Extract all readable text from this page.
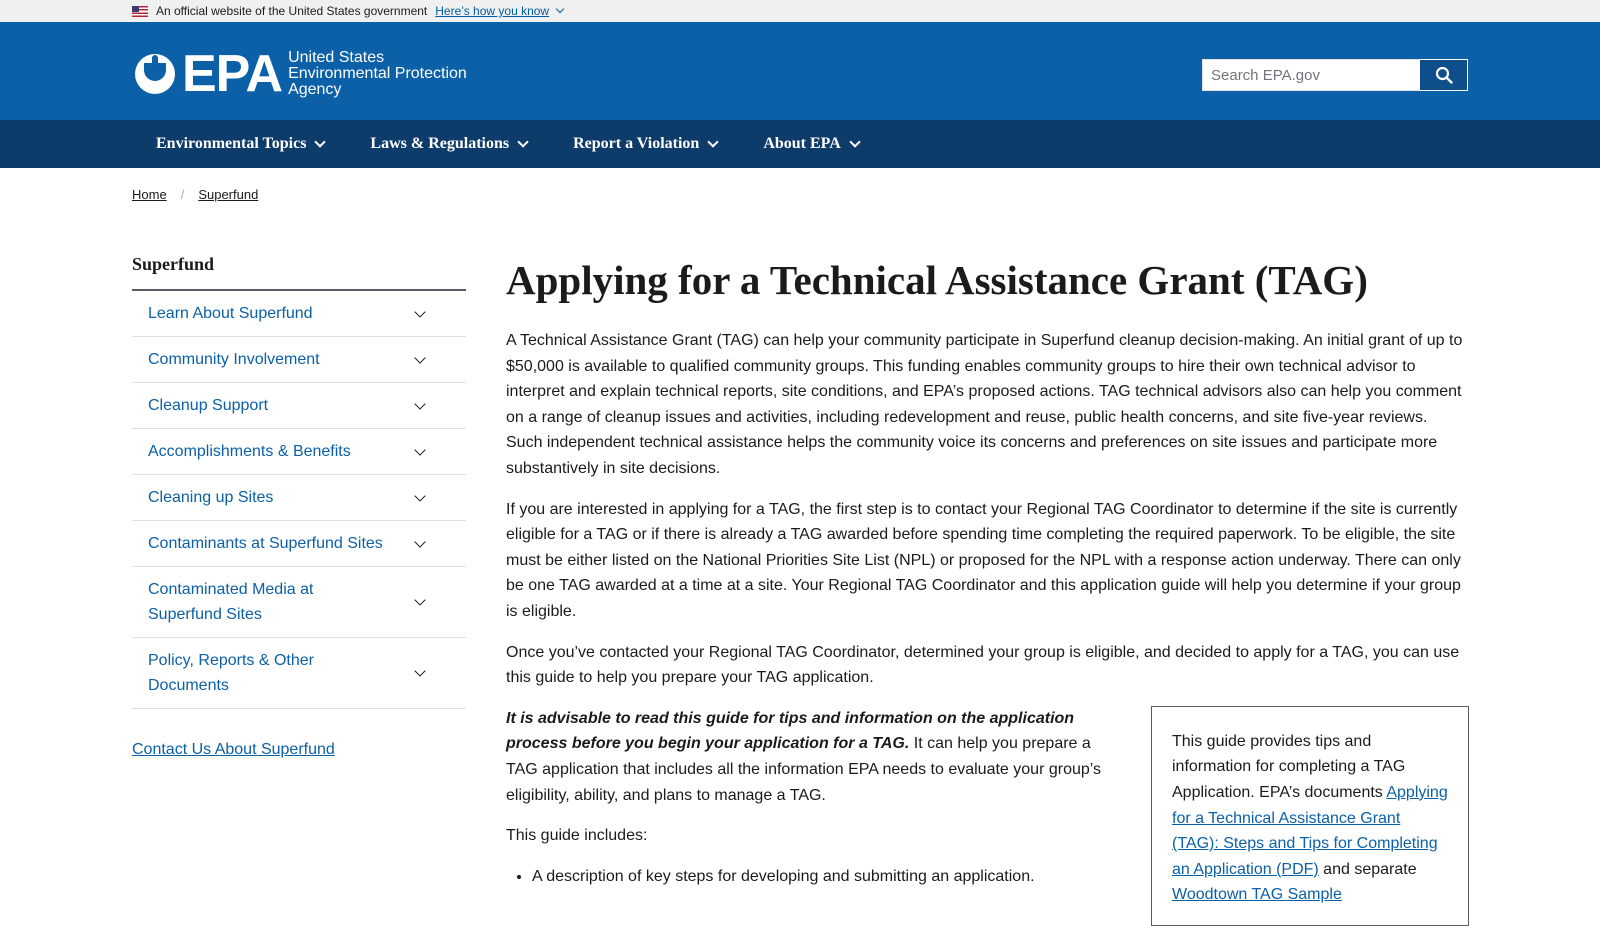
An official website of the United States government Here’s how you know
EPA United States
Environmental Protection
Agency
Search EPA.gov
Environmental Topics	Laws & Regulations	Report a Violation	About EPA
Home / Superfund
Superfund
Learn About Superfund
Community Involvement
Cleanup Support
Accomplishments & Benefits
Cleaning up Sites
Contaminants at Superfund Sites
Contaminated Media at Superfund Sites
Policy, Reports & Other Documents
Contact Us About Superfund
Applying for a Technical Assistance Grant (TAG)

A Technical Assistance Grant (TAG) can help your community participate in Superfund cleanup decision-making. An initial grant of up to $50,000 is available to qualified community groups. This funding enables community groups to hire their own technical advisor to interpret and explain technical reports, site conditions, and EPA’s proposed actions. TAG technical advisors also can help you comment on a range of cleanup issues and activities, including redevelopment and reuse, public health concerns, and site five-year reviews. Such independent technical assistance helps the community voice its concerns and preferences on site issues and participate more substantively in site decisions.

If you are interested in applying for a TAG, the first step is to contact your Regional TAG Coordinator to determine if the site is currently eligible for a TAG or if there is already a TAG awarded before spending time completing the required paperwork. To be eligible, the site must be either listed on the National Priorities Site List (NPL) or proposed for the NPL with a response action underway. There can only be one TAG awarded at a time at a site. Your Regional TAG Coordinator and this application guide will help you determine if your group is eligible.

Once you’ve contacted your Regional TAG Coordinator, determined your group is eligible, and decided to apply for a TAG, you can use this guide to help you prepare your TAG application.

It is advisable to read this guide for tips and information on the application process before you begin your application for a TAG. It can help you prepare a TAG application that includes all the information EPA needs to evaluate your group’s eligibility, ability, and plans to manage a TAG.

This guide includes:

• A description of key steps for developing and submitting an application.
This guide provides tips and information for completing a TAG Application. EPA’s documents Applying for a Technical Assistance Grant (TAG): Steps and Tips for Completing an Application (PDF) and separate Woodtown TAG Sample
